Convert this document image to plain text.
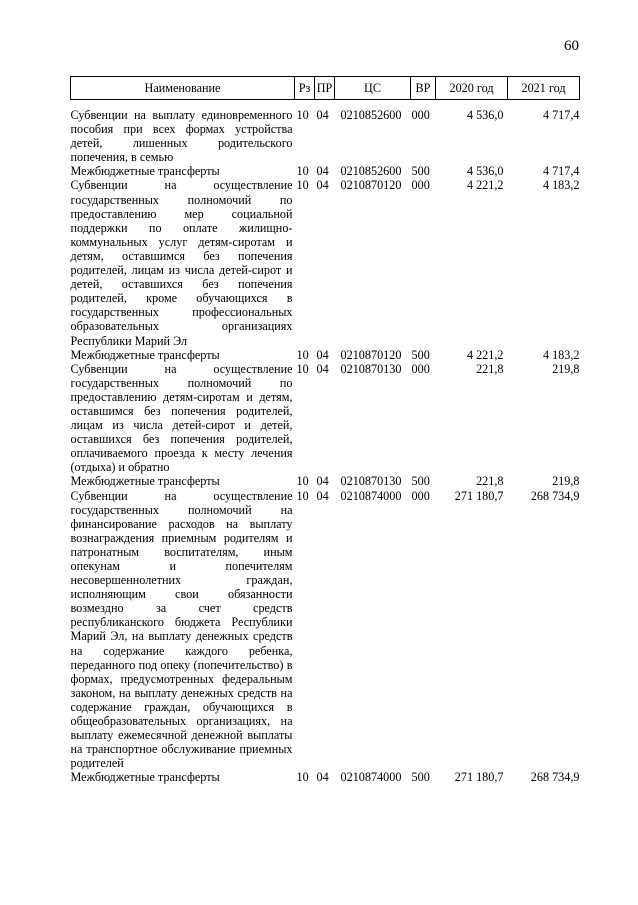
60
Наименование	Рз	ПР	ЦС	ВР	2020 год	2021 год

Субвенции на выплату единовременного пособия при всех формах устройства детей, лишенных родительского попечения, в семью	10	04	0210852600	000	4 536,0	4 717,4
Межбюджетные трансферты	10	04	0210852600	500	4 536,0	4 717,4
Субвенции на осуществление государственных полномочий по предоставлению мер социальной поддержки по оплате жилищно-коммунальных услуг детям-сиротам и детям, оставшимся без попечения родителей, лицам из числа детей-сирот и детей, оставшихся без попечения родителей, кроме обучающихся в государственных профессиональных образовательных организациях Республики Марий Эл	10	04	0210870120	000	4 221,2	4 183,2
Межбюджетные трансферты	10	04	0210870120	500	4 221,2	4 183,2
Субвенции на осуществление государственных полномочий по предоставлению детям-сиротам и детям, оставшимся без попечения родителей, лицам из числа детей-сирот и детей, оставшихся без попечения родителей, оплачиваемого проезда к месту лечения (отдыха) и обратно	10	04	0210870130	000	221,8	219,8
Межбюджетные трансферты	10	04	0210870130	500	221,8	219,8
Субвенции на осуществление государственных полномочий на финансирование расходов на выплату вознаграждения приемным родителям и патронатным воспитателям, иным опекунам и попечителям несовершеннолетних граждан, исполняющим свои обязанности возмездно за счет средств республиканского бюджета Республики Марий Эл, на выплату денежных средств на содержание каждого ребенка, переданного под опеку (попечительство) в формах, предусмотренных федеральным законом, на выплату денежных средств на содержание граждан, обучающихся в общеобразовательных организациях, на выплату ежемесячной денежной выплаты на транспортное обслуживание приемных родителей	10	04	0210874000	000	271 180,7	268 734,9
Межбюджетные трансферты	10	04	0210874000	500	271 180,7	268 734,9
